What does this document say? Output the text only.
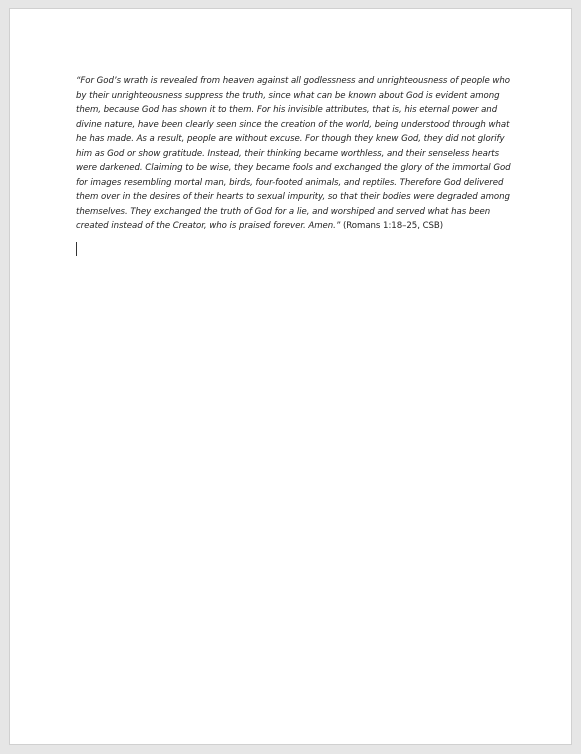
“For God’s wrath is revealed from heaven against all godlessness and unrighteousness of people who by their unrighteousness suppress the truth, since what can be known about God is evident among them, because God has shown it to them. For his invisible attributes, that is, his eternal power and divine nature, have been clearly seen since the creation of the world, being understood through what he has made. As a result, people are without excuse. For though they knew God, they did not glorify him as God or show gratitude. Instead, their thinking became worthless, and their senseless hearts were darkened. Claiming to be wise, they became fools and exchanged the glory of the immortal God for images resembling mortal man, birds, four-footed animals, and reptiles. Therefore God delivered them over in the desires of their hearts to sexual impurity, so that their bodies were degraded among themselves. They exchanged the truth of God for a lie, and worshiped and served what has been created instead of the Creator, who is praised forever. Amen.” (Romans 1:18–25, CSB)
